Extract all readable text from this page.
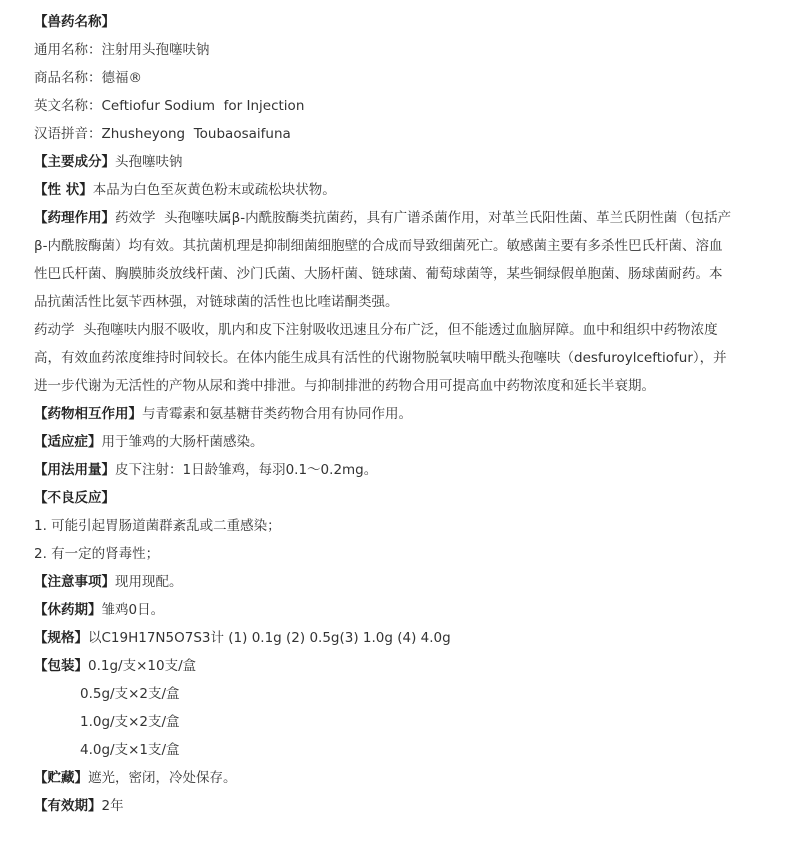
【兽药名称】
通用名称：注射用头孢噻呋钠
商品名称：德福®
英文名称：Ceftiofur Sodium  for Injection
汉语拼音：Zhusheyong  Toubaosaifuna
【主要成分】头孢噻呋钠
【性 状】本品为白色至灰黄色粉末或疏松块状物。
【药理作用】药效学  头孢噻呋属β-内酰胺酶类抗菌药，具有广谱杀菌作用，对革兰氏阳性菌、革兰氏阴性菌（包括产β-内酰胺酶菌）均有效。其抗菌机理是抑制细菌细胞壁的合成而导致细菌死亡。敏感菌主要有多杀性巴氏杆菌、溶血性巴氏杆菌、胸膜肺炎放线杆菌、沙门氏菌、大肠杆菌、链球菌、葡萄球菌等，某些铜绿假单胞菌、肠球菌耐药。本品抗菌活性比氨苄西林强，对链球菌的活性也比喹诺酮类强。
药动学  头孢噻呋内服不吸收，肌内和皮下注射吸收迅速且分布广泛，但不能透过血脑屏障。血中和组织中药物浓度高，有效血药浓度维持时间较长。在体内能生成具有活性的代谢物脱氧呋喃甲酰头孢噻呋（desfuroylceftiofur），并进一步代谢为无活性的产物从尿和粪中排泄。与抑制排泄的药物合用可提高血中药物浓度和延长半衰期。
【药物相互作用】与青霉素和氨基糖苷类药物合用有协同作用。
【适应症】用于雏鸡的大肠杆菌感染。
【用法用量】皮下注射：1日龄雏鸡，每羽0.1～0.2mg。
【不良反应】
1. 可能引起胃肠道菌群紊乱或二重感染；
2. 有一定的肾毒性；
【注意事项】现用现配。
【休药期】雏鸡0日。
【规格】以C19H17N5O7S3计 (1) 0.1g (2) 0.5g(3) 1.0g (4) 4.0g
【包装】0.1g/支×10支/盒
0.5g/支×2支/盒
1.0g/支×2支/盒
4.0g/支×1支/盒
【贮藏】遮光，密闭，冷处保存。
【有效期】2年
